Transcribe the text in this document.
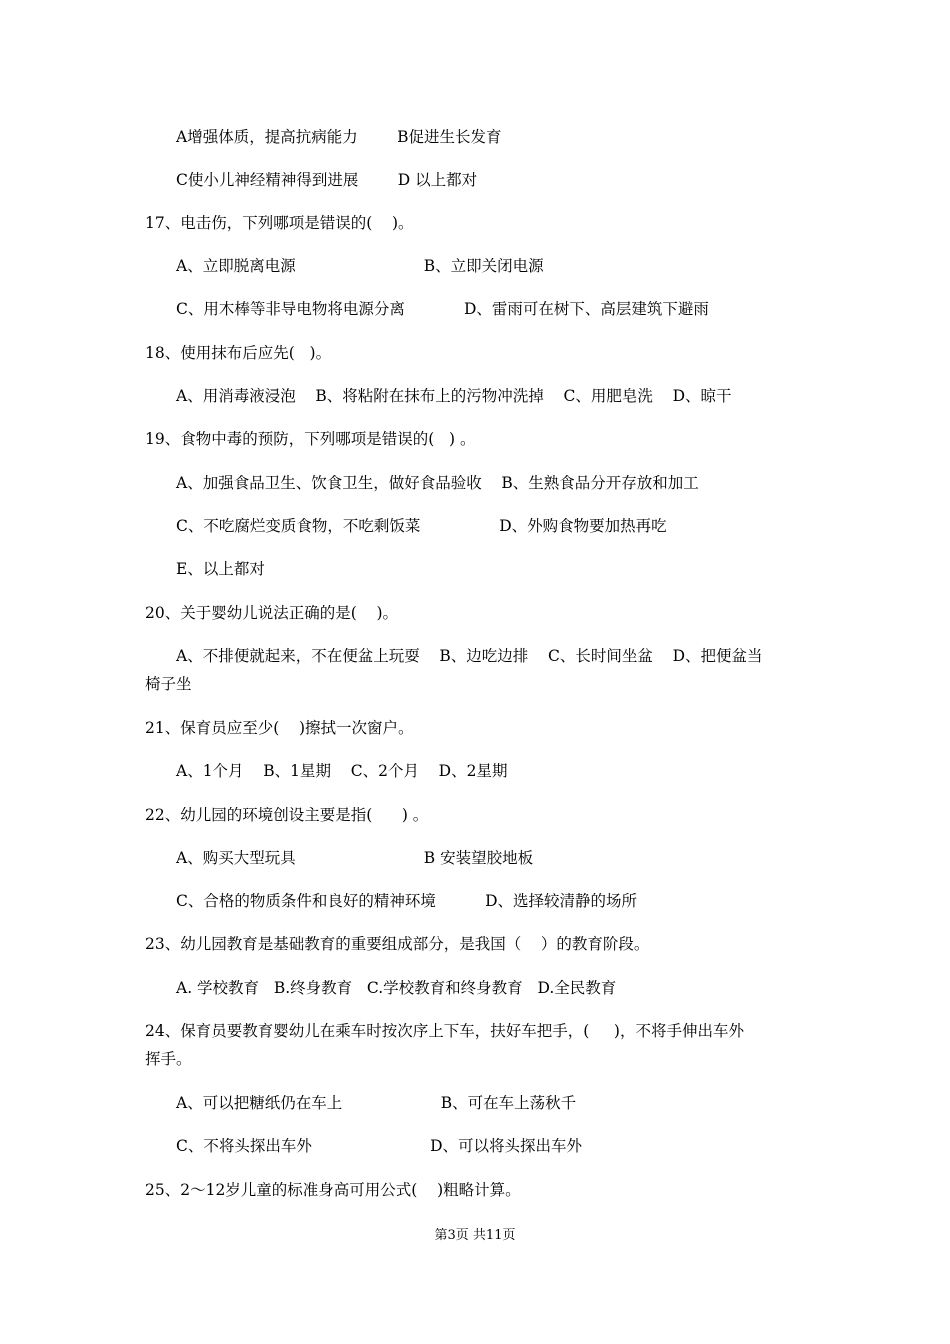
A增强体质，提高抗病能力        B促进生长发育
C使小儿神经精神得到进展        D 以上都对
17、电击伤，下列哪项是错误的(    )。
A、立即脱离电源                          B、立即关闭电源
C、用木棒等非导电物将电源分离            D、雷雨可在树下、高层建筑下避雨
18、使用抹布后应先(   )。
A、用消毒液浸泡    B、将粘附在抹布上的污物冲洗掉    C、用肥皂洗    D、晾干
19、食物中毒的预防，下列哪项是错误的(   ) 。
A、加强食品卫生、饮食卫生，做好食品验收    B、生熟食品分开存放和加工
C、不吃腐烂变质食物，不吃剩饭菜                D、外购食物要加热再吃
E、以上都对
20、关于婴幼儿说法正确的是(    )。
A、不排便就起来，不在便盆上玩耍    B、边吃边排    C、长时间坐盆    D、把便盆当
椅子坐
21、保育员应至少(    )擦拭一次窗户。
A、1个月    B、1星期    C、2个月    D、2星期
22、幼儿园的环境创设主要是指(      ) 。
A、购买大型玩具                          B 安装望胶地板
C、合格的物质条件和良好的精神环境          D、选择较清静的场所
23、幼儿园教育是基础教育的重要组成部分，是我国（    ）的教育阶段。
A. 学校教育   B.终身教育   C.学校教育和终身教育   D.全民教育
24、保育员要教育婴幼儿在乘车时按次序上下车，扶好车把手，(     )，不将手伸出车外
挥手。
A、可以把糖纸仍在车上                    B、可在车上荡秋千
C、不将头探出车外                        D、可以将头探出车外
25、2～12岁儿童的标准身高可用公式(    )粗略计算。
第3页 共11页
